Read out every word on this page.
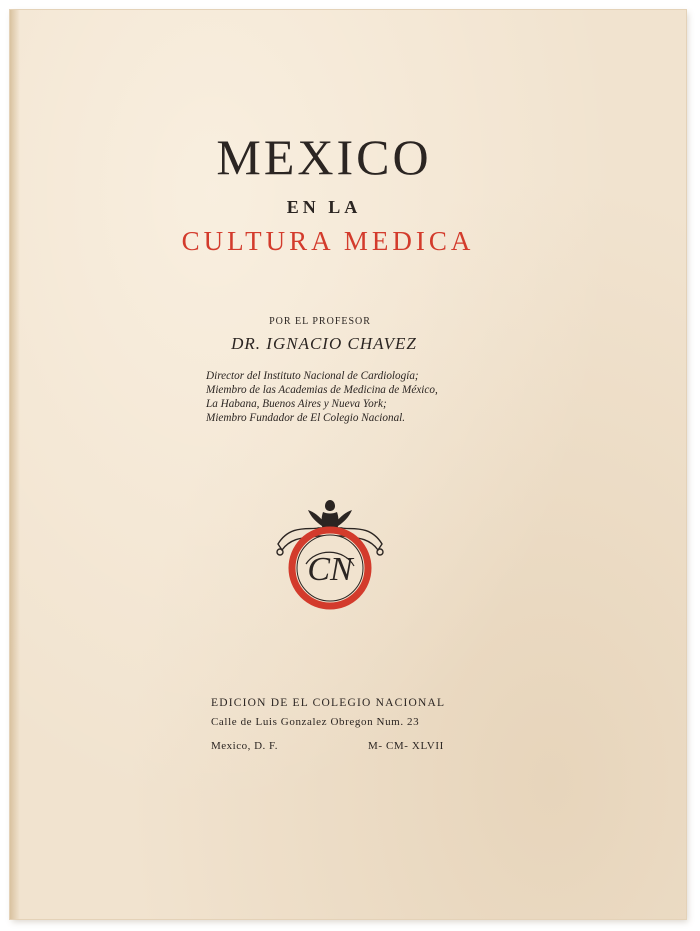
MEXICO
EN LA
CULTURA MEDICA
POR EL PROFESOR
DR. IGNACIO CHAVEZ
Director del Instituto Nacional de Cardiología;
Miembro de las Academias de Medicina de México,
La Habana, Buenos Aires y Nueva York;
Miembro Fundador de El Colegio Nacional.
CN
EDICION DE EL COLEGIO NACIONAL
Calle de Luis Gonzalez Obregon Num. 23
Mexico, D. F.	M- CM- XLVII
